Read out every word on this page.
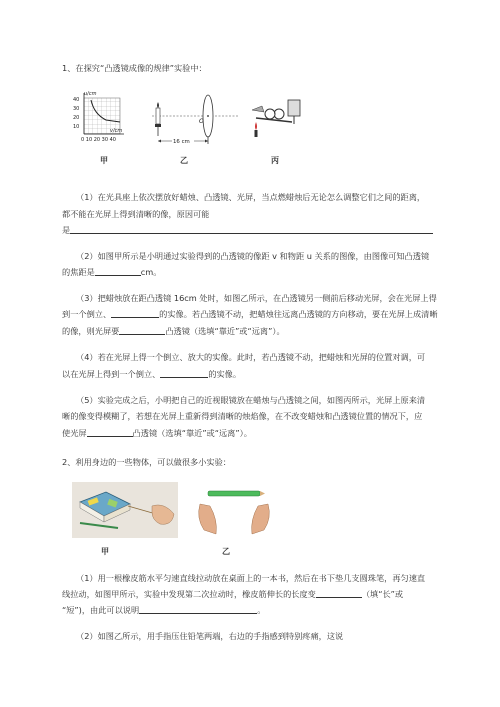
1、在探究“凸透镜成像的规律”实验中：
u/cm
v/cm
40
30
20
10
0 10 20 30 40
甲
O
16 cm
乙	丙
（1）在光具座上依次摆放好蜡烛、凸透镜、光屏，当点燃蜡烛后无论怎么调整它们之间的距离，
都不能在光屏上得到清晰的像，原因可能
是
（2）如图甲所示是小明通过实验得到的凸透镜的像距 v 和物距 u 关系的图像，由图像可知凸透镜
的焦距是	cm。
（3）把蜡烛放在距凸透镜 16cm 处时，如图乙所示，在凸透镜另一侧前后移动光屏，会在光屏上得
到一个倒立、	的实像。若凸透镜不动，把蜡烛往远离凸透镜的方向移动，要在光屏上成清晰
的像，则光屏要	凸透镜（选填“靠近”或“远离”）。
（4）若在光屏上得一个倒立、放大的实像。此时，若凸透镜不动，把蜡烛和光屏的位置对调，可
以在光屏上得到一个倒立、	的实像。
（5）实验完成之后，小明把自己的近视眼镜放在蜡烛与凸透镜之间，如图丙所示，光屏上原来清
晰的像变得模糊了，若想在光屏上重新得到清晰的烛焰像，在不改变蜡烛和凸透镜位置的情况下，应
使光屏	凸透镜（选填“靠近”或“远离”）。
2、利用身边的一些物体，可以做很多小实验：
甲	乙
（1）用一根橡皮筋水平匀速直线拉动放在桌面上的一本书，然后在书下垫几支圆珠笔，再匀速直
线拉动，如图甲所示，实验中发现第二次拉动时，橡皮筋伸长的长度变	（填“长”或
“短”)，由此可以说明	。
（2）如图乙所示，用手指压住铅笔两端，右边的手指感到特别疼痛，这说
